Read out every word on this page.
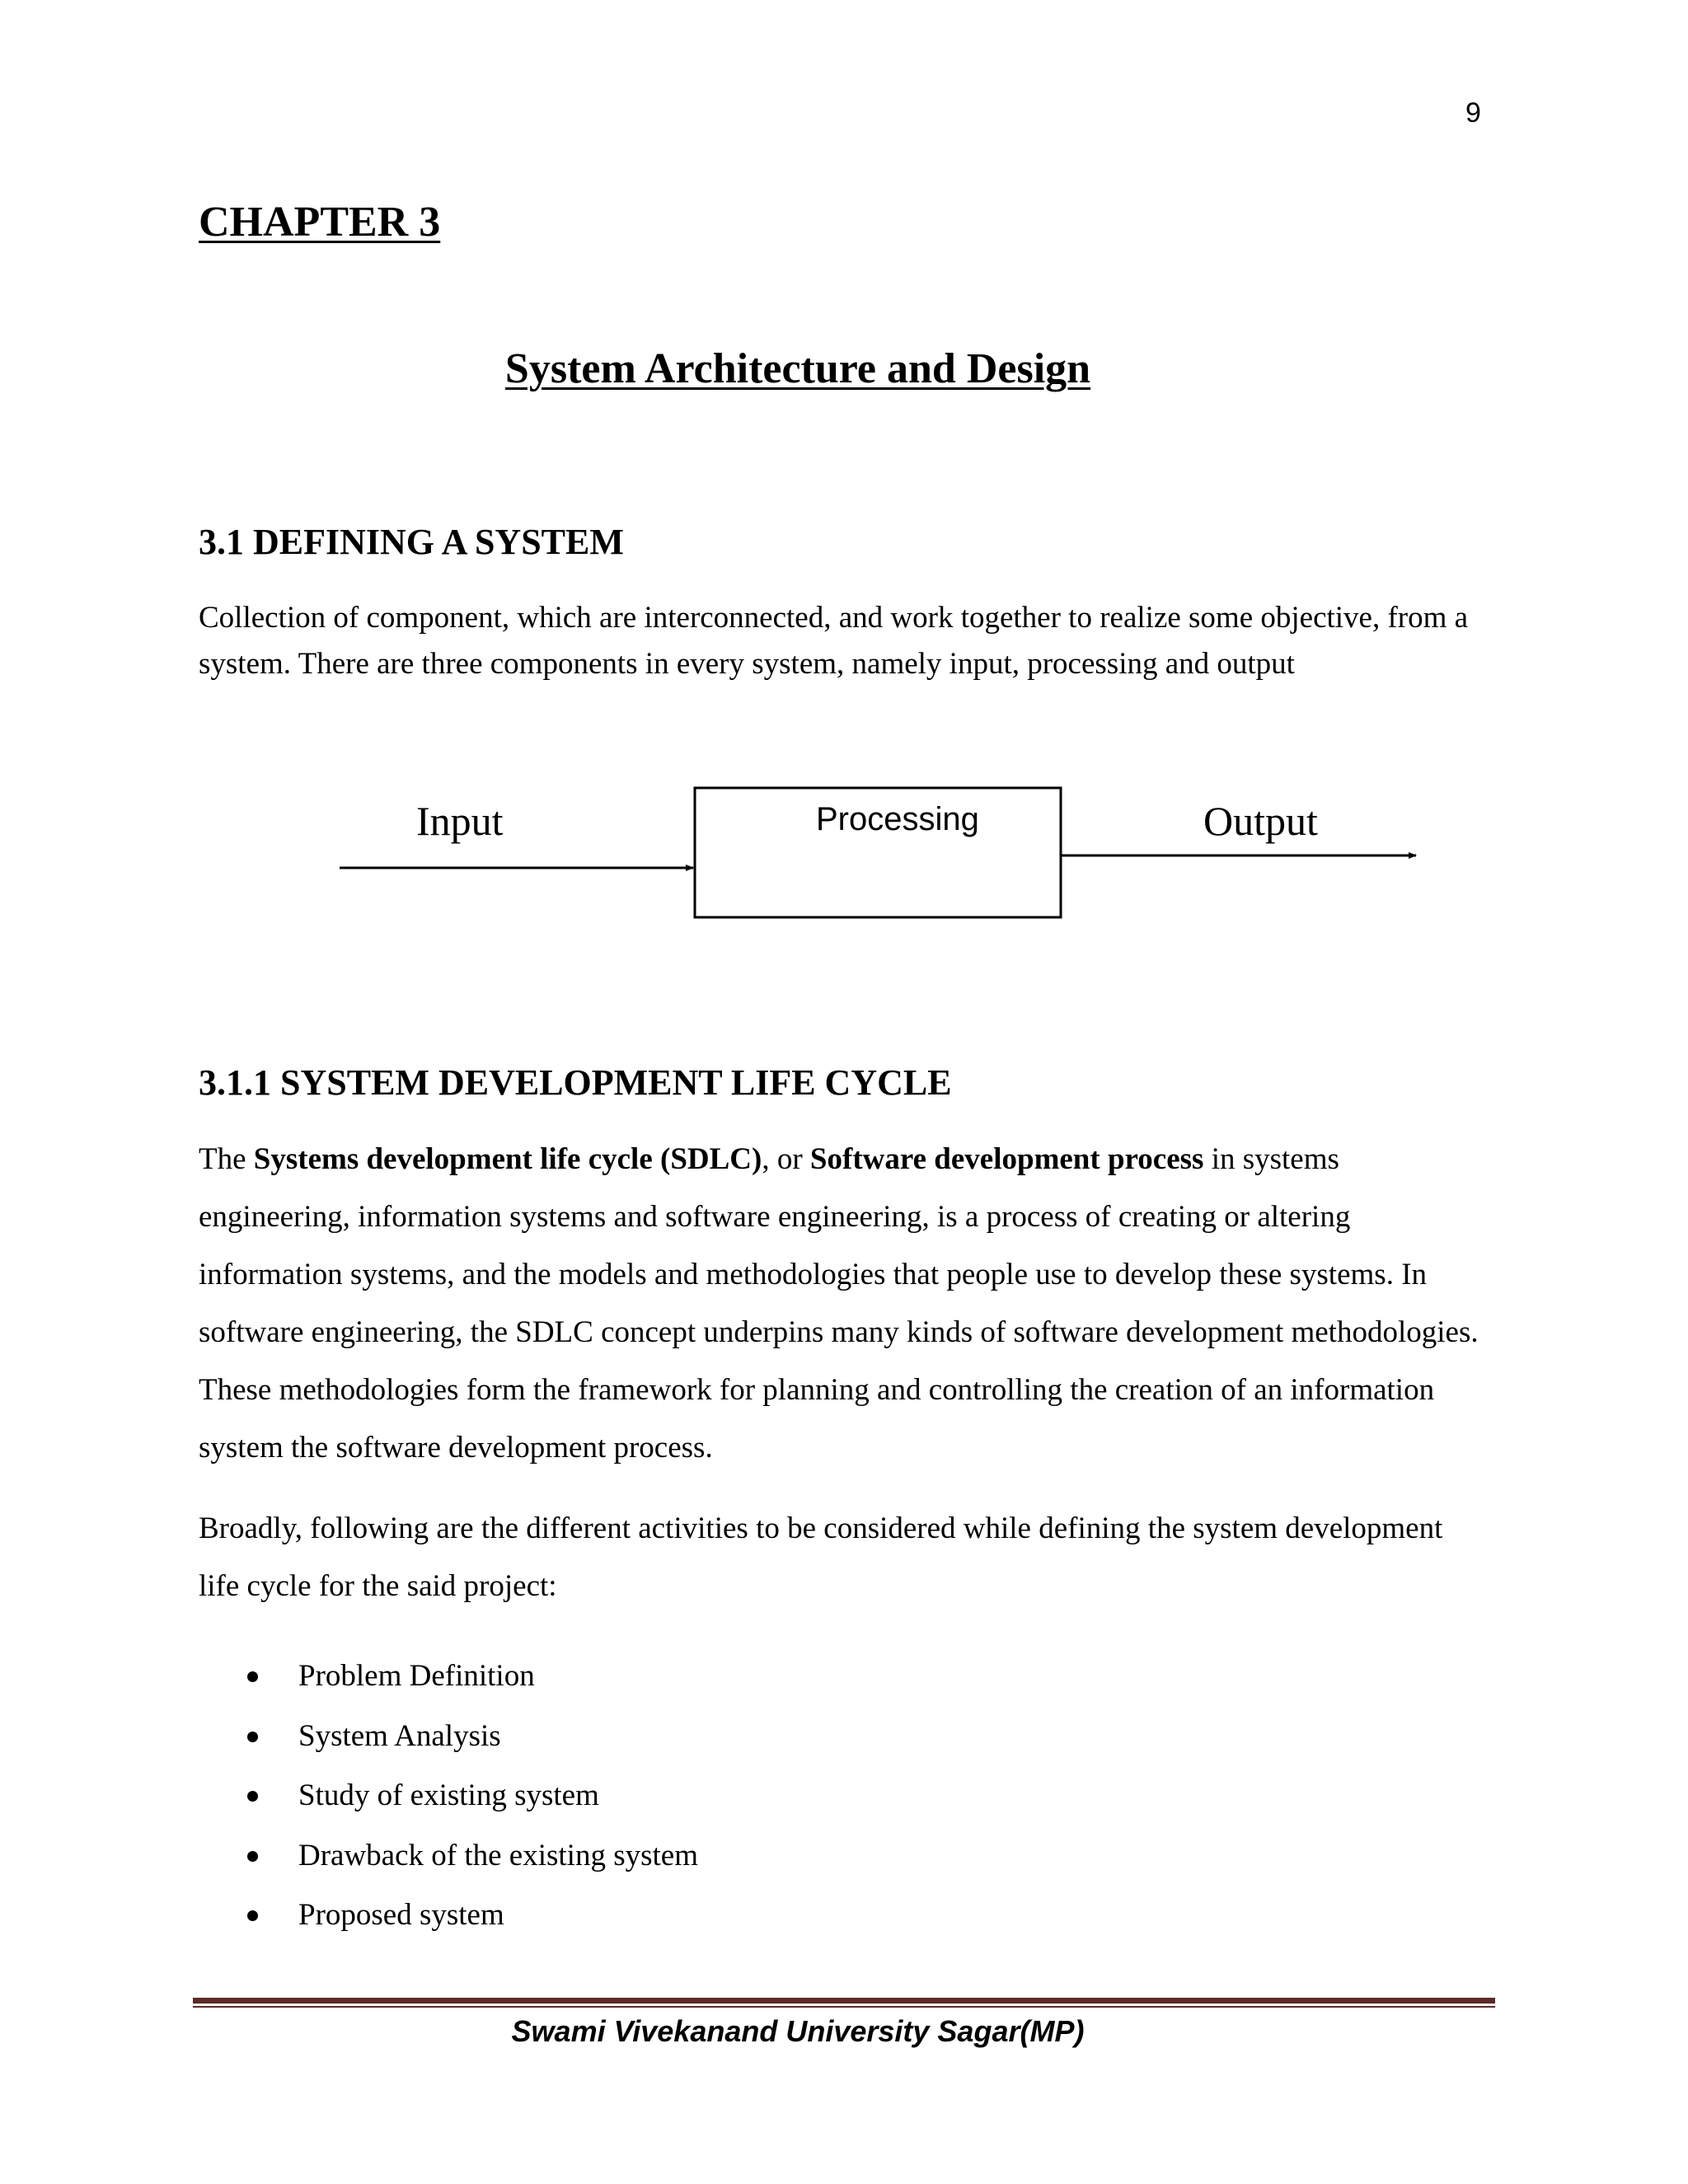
9
CHAPTER 3
System Architecture and Design
3.1 DEFINING A SYSTEM

Collection of component, which are interconnected, and work together to realize some objective, from a system. There are three components in every system, namely input, processing and output

Input	Processing	Output
3.1.1 SYSTEM DEVELOPMENT LIFE CYCLE

The Systems development life cycle (SDLC), or Software development process in systems engineering, information systems and software engineering, is a process of creating or altering information systems, and the models and methodologies that people use to develop these systems. In software engineering, the SDLC concept underpins many kinds of software development methodologies. These methodologies form the framework for planning and controlling the creation of an information system the software development process.

Broadly, following are the different activities to be considered while defining the system development life cycle for the said project:

Problem Definition
System Analysis
Study of existing system
Drawback of the existing system
Proposed system
Swami Vivekanand University Sagar(MP)
